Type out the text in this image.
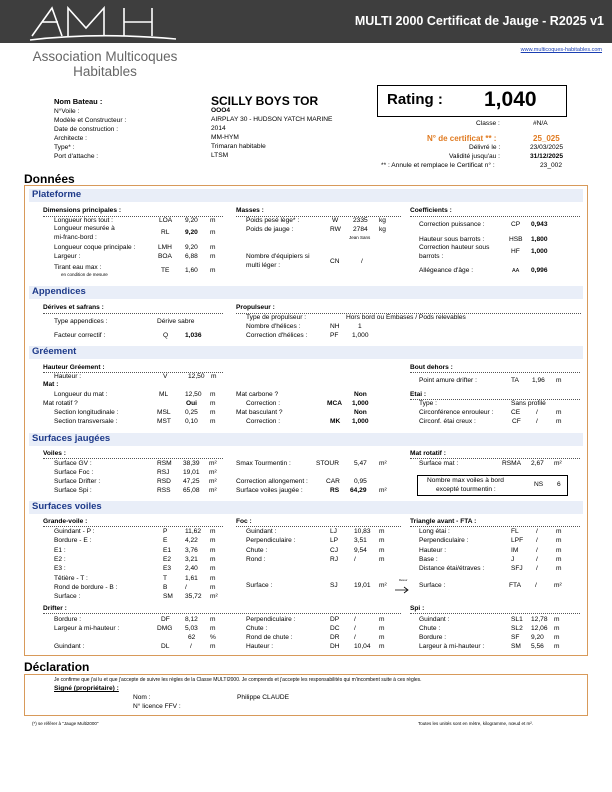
Association Multicoques
Habitables
MULTI 2000 Certificat de Jauge - R2025 v1
www.multicoques-habitables.com
Nom Bateau :	SCILLY BOYS TOR
N°Voile :	OOO4
Modèle et Constructeur :	AIRPLAY 30 - HUDSON YATCH MARINE
Date de construction :	2014
Architecte :	MM-HYM
Type* :	Trimaran habitable
Port d'attache :	LTSM
Rating : 1,040
Classe :	#N/A
N° de certificat ** :	25_025
Délivré le :	23/03/2025
Validité jusqu'au :	31/12/2025
** : Annule et remplace le Certificat n° :	23_002
Données
Plateforme
Dimensions principales :
Longueur hors tout :	LOA 9,20 m
Longueur mesurée à
mi-franc-bord :
RL 9,20 m
Longueur coque principale :	LMH 9,20 m
Largeur :	BOA 6,88 m
Tirant eau max :
en condition de mesure
TE 1,60 m
Masses :
Poids pesé lège* :	W 2335 kg
Poids de jauge :	RW 2784 kg
Jean Sans
Nombre d'équipiers si
multi léger :
CN	/
Coefficients :
Correction puissance :	CP 0,943
Hauteur sous barrots :	HSB 1,800
Correction hauteur sous
barrots :
HF 1,000
Allégeance d'âge :	AA 0,996
Appendices
Dérives et safrans :
Type appendices :	Dérive sabre
Facteur correctif :	Q	1,036
Propulseur :
Type de propulseur :	Hors bord ou Embases / Pods relevables
Nombre d'hélices :	NH	1
Correction d'hélices :	PF 1,000
Gréement
Hauteur Gréement :
Hauteur :	V	12,50 m
Mat :
Longueur du mat :	ML	12,50 m
Mat rotatif ?	Oui m
Section longitudinale :	MSL 0,25 m
Section transversale :	MST 0,10 m
Mat carbone ?	Non
Correction :	MCA 1,000
Mat basculant ?	Non
Correction :	MK 1,000
Bout dehors :
Point amure drifter :	TA 1,96 m
Etai :
Type :	Sans profilé
Circonférence enrouleur :	CE /	m
Circonf. étai creux :	CF /	m
Surfaces jaugées
Voiles :
Surface GV :	RSM 38,39 m²
Surface Foc :	RSJ 19,01 m²
Surface Drifter :	RSD 47,25 m²
Surface Spi :	RSS 65,08 m²
Smax Tourmentin :	STOUR 5,47 m²
Correction allongement :	CAR 0,95
Surface voiles jaugée :	RS 64,29 m²
Mat rotatif :
Surface mat :	RSMA 2,67 m²
Nombre max voiles à bord
excepté tourmentin :
NS 6
Surfaces voiles
Grande-voile :
Guindant - P :	P	11,62 m
Bordure - E :	E	4,22 m
E1 :	E1 3,76 m
E2 :	E2 3,21 m
E3 :	E3 2,40 m
Têtière - T :	T	1,61 m
Rond de bordure - B :	B	/	m
Surface :	SM 35,72 m²
Foc :
Guindant :	LJ	10,83 m
Perpendiculaire :	LP 3,51 m
Chute :	CJ 9,54 m
Rond :	RJ /	m
Surface :	SJ 19,01 m²
Retour
Triangle avant - FTA :
Long étai :	FL	/	m
Perpendiculaire :	LPF /	m
Hauteur :	IM	/	m
Base :	J	/	m
Distance étai/étraves :	SFJ /	m
Surface :	FTA /	m²
Drifter :
Bordure :	DF 8,12 m
Largeur à mi-hauteur :	DMG 5,03 m
62 %
Guindant :	DL	/	m
Perpendiculaire :	DP /	m
Chute :	DC /	m
Rond de chute :	DR /	m
Hauteur :	DH 10,04 m
Spi :
Guindant :	SL1 12,78 m
Chute :	SL2 12,06 m
Bordure :	SF 9,20 m
Largeur à mi-hauteur :	SM 5,56 m
Déclaration
Je confirme que j'ai lu et que j'accepte de suivre les règles de la Classe MULTI2000. Je comprends et j'accepte les responsabilités qui m'incombent suite à ces règles.
Signé (propriétaire) :
Nom :	Philippe CLAUDE
N° licence FFV :
(*) se référer à "Jauge Multi2000"	Toutes les unités sont en mètre, kilogramme, nœud et m².
